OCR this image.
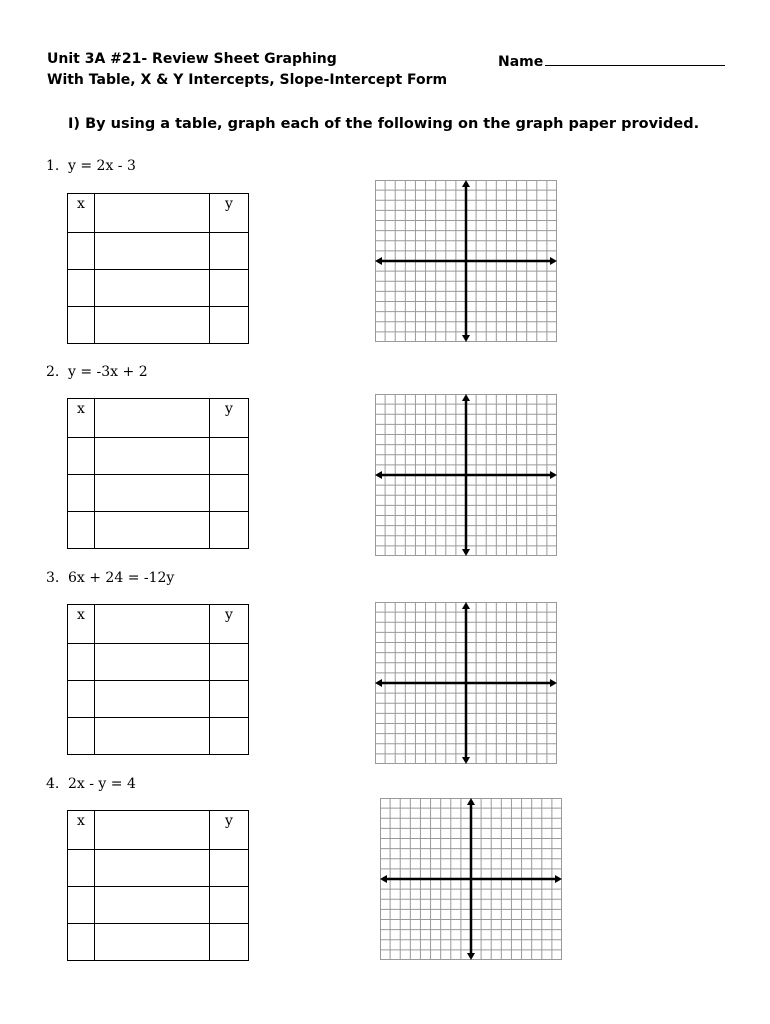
Unit 3A #21- Review Sheet Graphing
With Table, X & Y Intercepts, Slope-Intercept Form
Name
I) By using a table, graph each of the following on the graph paper provided.
1. y = 2x - 3
x		y

2. y = -3x + 2
x		y

3. 6x + 24 = -12y
x		y

4. 2x - y = 4
x		y
